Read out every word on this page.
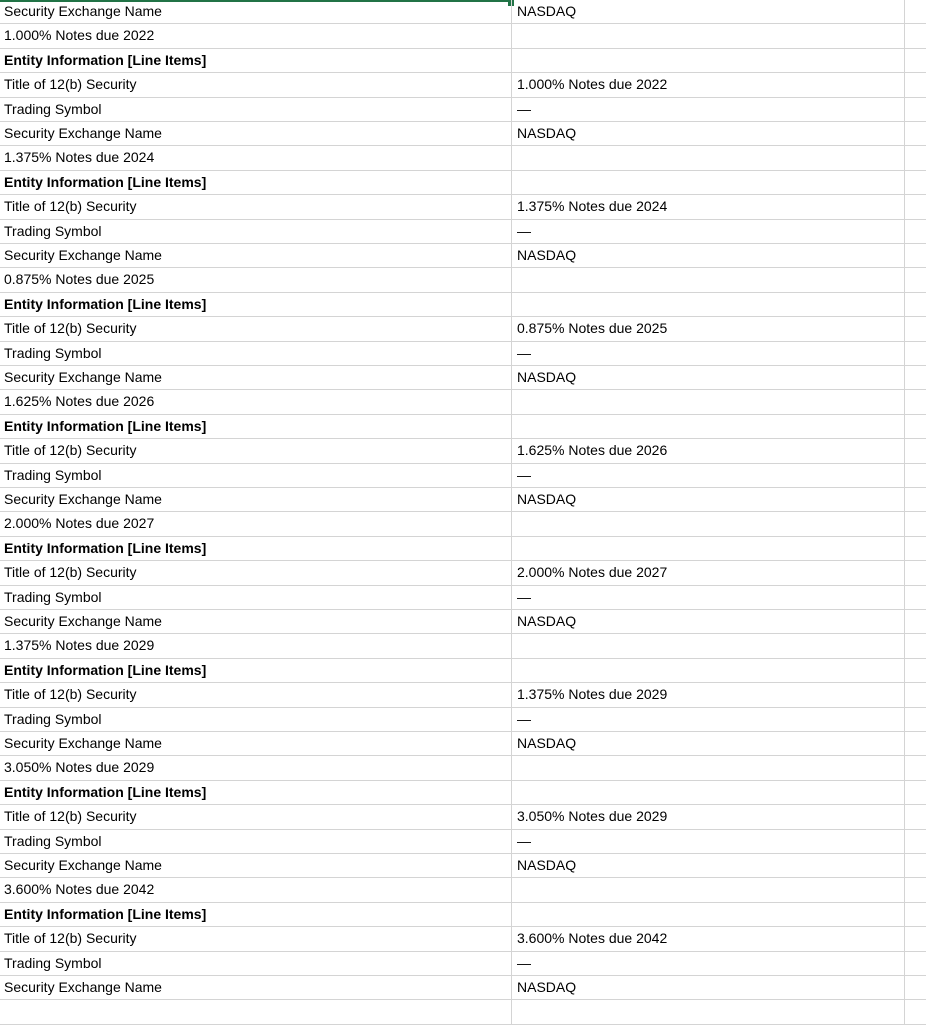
Security Exchange Name	NASDAQ
1.000% Notes due 2022
Entity Information [Line Items]
Title of 12(b) Security	1.000% Notes due 2022
Trading Symbol	—
Security Exchange Name	NASDAQ
1.375% Notes due 2024
Entity Information [Line Items]
Title of 12(b) Security	1.375% Notes due 2024
Trading Symbol	—
Security Exchange Name	NASDAQ
0.875% Notes due 2025
Entity Information [Line Items]
Title of 12(b) Security	0.875% Notes due 2025
Trading Symbol	—
Security Exchange Name	NASDAQ
1.625% Notes due 2026
Entity Information [Line Items]
Title of 12(b) Security	1.625% Notes due 2026
Trading Symbol	—
Security Exchange Name	NASDAQ
2.000% Notes due 2027
Entity Information [Line Items]
Title of 12(b) Security	2.000% Notes due 2027
Trading Symbol	—
Security Exchange Name	NASDAQ
1.375% Notes due 2029
Entity Information [Line Items]
Title of 12(b) Security	1.375% Notes due 2029
Trading Symbol	—
Security Exchange Name	NASDAQ
3.050% Notes due 2029
Entity Information [Line Items]
Title of 12(b) Security	3.050% Notes due 2029
Trading Symbol	—
Security Exchange Name	NASDAQ
3.600% Notes due 2042
Entity Information [Line Items]
Title of 12(b) Security	3.600% Notes due 2042
Trading Symbol	—
Security Exchange Name	NASDAQ
